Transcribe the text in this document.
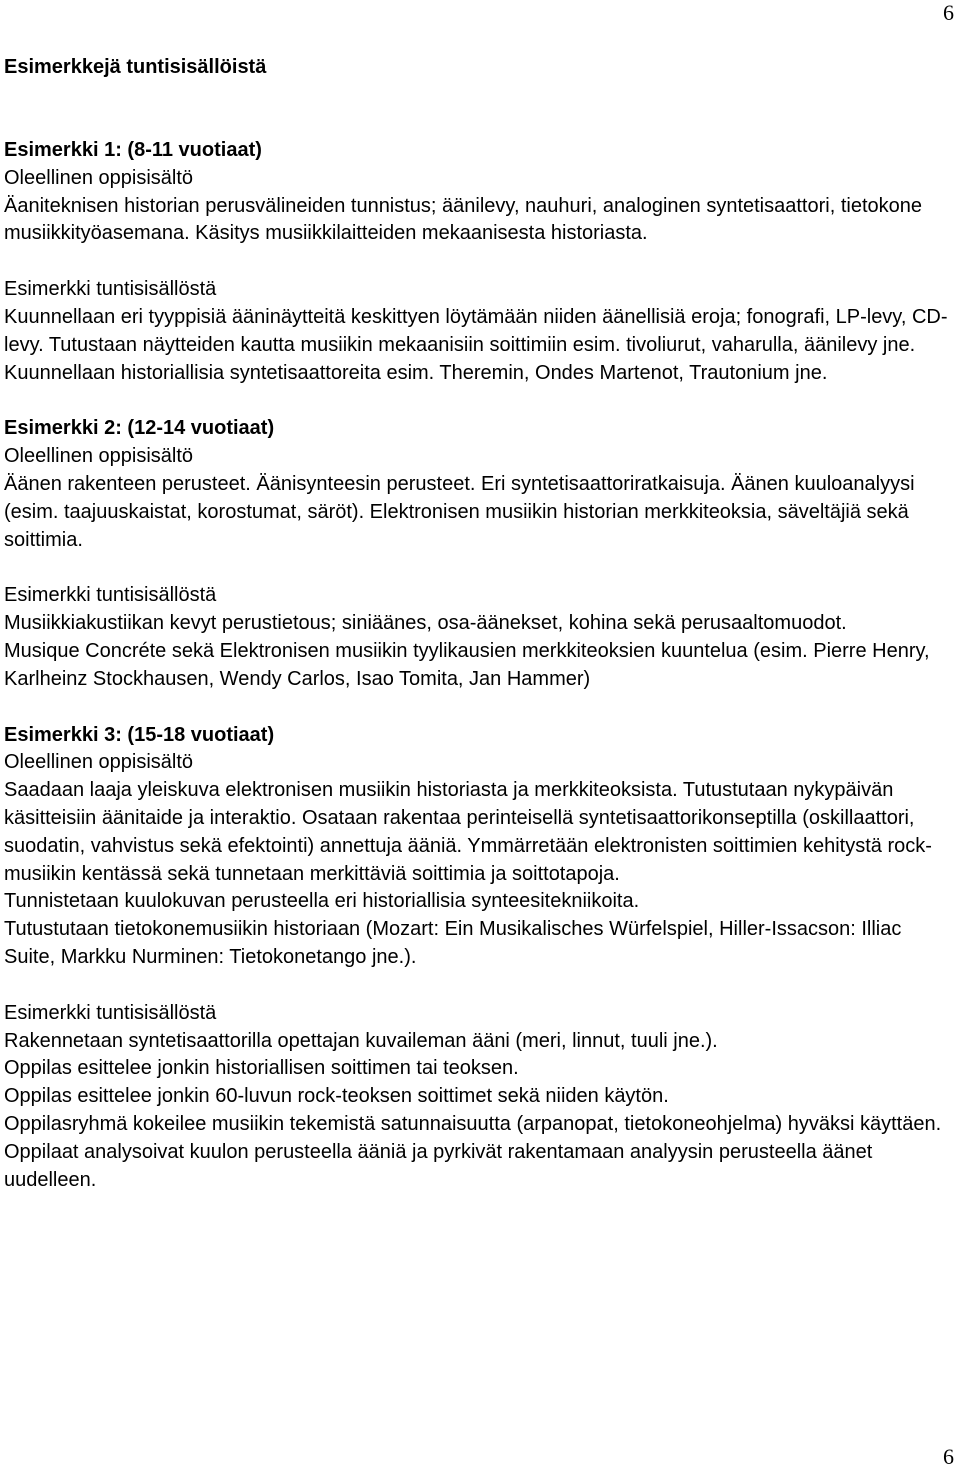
6
Esimerkkejä tuntisisällöistä

Esimerkki 1: (8-11 vuotiaat)

Oleellinen oppisisältö

Äaniteknisen historian perusvälineiden tunnistus; äänilevy, nauhuri, analoginen syntetisaattori, tietokone musiikkityöasemana. Käsitys musiikkilaitteiden mekaanisesta historiasta.

Esimerkki tuntisisällöstä

Kuunnellaan eri tyyppisiä ääninäytteitä keskittyen löytämään niiden äänellisiä eroja; fonografi, LP-levy, CD-levy. Tutustaan näytteiden kautta musiikin mekaanisiin soittimiin esim. tivoliurut, vaharulla, äänilevy jne. Kuunnellaan historiallisia syntetisaattoreita esim. Theremin, Ondes Martenot, Trautonium jne.

Esimerkki 2: (12-14 vuotiaat)

Oleellinen oppisisältö

Äänen rakenteen perusteet. Äänisynteesin perusteet. Eri syntetisaattoriratkaisuja. Äänen kuuloanalyysi (esim. taajuuskaistat, korostumat, säröt). Elektronisen musiikin historian merkkiteoksia, säveltäjiä sekä soittimia.

Esimerkki tuntisisällöstä

Musiikkiakustiikan kevyt perustietous; siniäänes, osa-äänekset, kohina sekä perusaaltomuodot.

Musique Concréte sekä Elektronisen musiikin tyylikausien merkkiteoksien kuuntelua (esim. Pierre Henry, Karlheinz Stockhausen, Wendy Carlos, Isao Tomita, Jan Hammer)

Esimerkki 3: (15-18 vuotiaat)

Oleellinen oppisisältö

Saadaan laaja yleiskuva elektronisen musiikin historiasta ja merkkiteoksista. Tutustutaan nykypäivän käsitteisiin äänitaide ja interaktio. Osataan rakentaa perinteisellä syntetisaattorikonseptilla (oskillaattori, suodatin, vahvistus sekä efektointi) annettuja ääniä. Ymmärretään elektronisten soittimien kehitystä rock-musiikin kentässä sekä tunnetaan merkittäviä soittimia ja soittotapoja.

Tunnistetaan kuulokuvan perusteella eri historiallisia synteesitekniikoita.

Tutustutaan tietokonemusiikin historiaan (Mozart: Ein Musikalisches Würfelspiel, Hiller-Issacson: Illiac Suite, Markku Nurminen: Tietokonetango jne.).

Esimerkki tuntisisällöstä

Rakennetaan syntetisaattorilla opettajan kuvaileman ääni (meri, linnut, tuuli jne.).

Oppilas esittelee jonkin historiallisen soittimen tai teoksen.

Oppilas esittelee jonkin 60-luvun rock-teoksen soittimet sekä niiden käytön.

Oppilasryhmä kokeilee musiikin tekemistä satunnaisuutta (arpanopat, tietokoneohjelma) hyväksi käyttäen.

Oppilaat analysoivat kuulon perusteella ääniä ja pyrkivät rakentamaan analyysin perusteella äänet uudelleen.

6
